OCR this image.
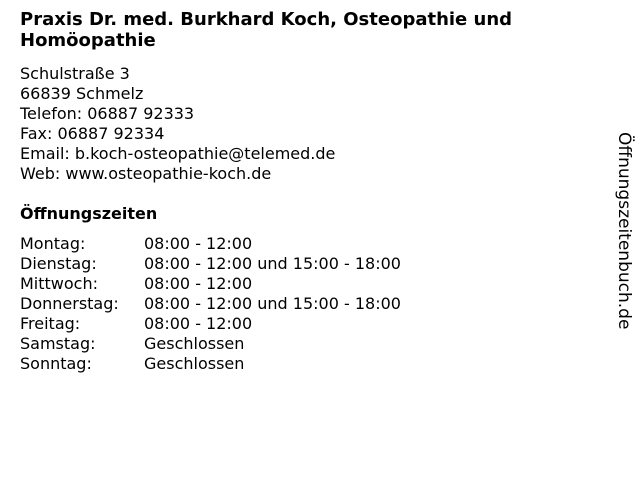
Praxis Dr. med. Burkhard Koch, Osteopathie und Homöopathie
Schulstraße 3
66839 Schmelz
Telefon: 06887 92333
Fax: 06887 92334
Email: b.koch-osteopathie@telemed.de
Web: www.osteopathie-koch.de
Öffnungszeiten
Montag:	08:00 - 12:00
Dienstag:	08:00 - 12:00 und 15:00 - 18:00
Mittwoch:	08:00 - 12:00
Donnerstag: 08:00 - 12:00 und 15:00 - 18:00
Freitag:	08:00 - 12:00
Samstag:	Geschlossen
Sonntag:	Geschlossen
Öffnungszeitenbuch.de
